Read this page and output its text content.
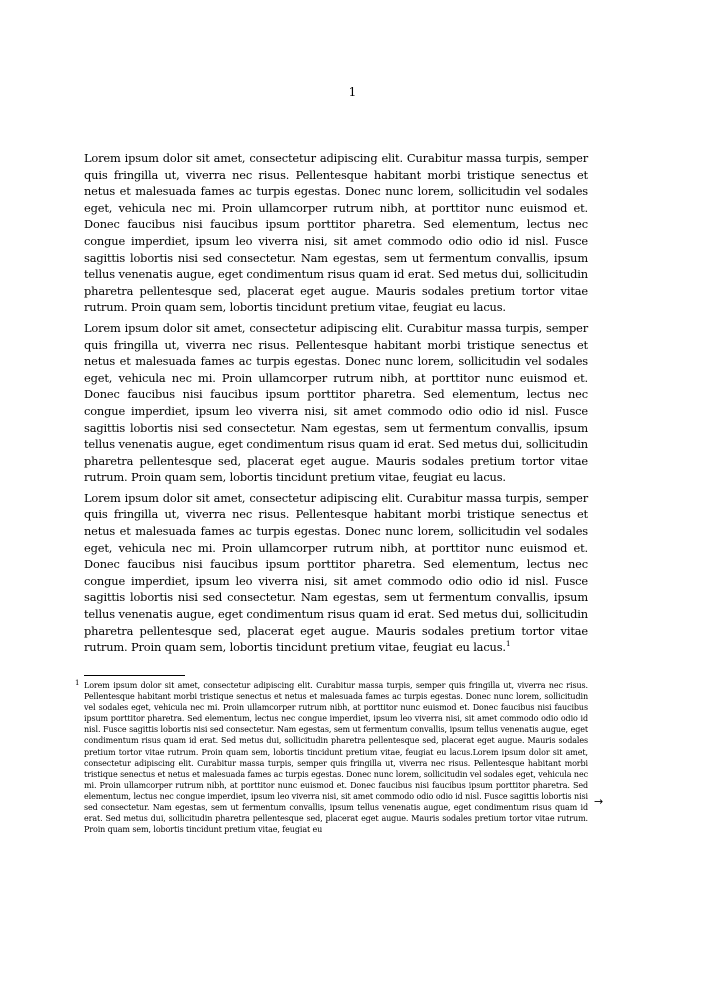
1

Lorem ipsum dolor sit amet, consectetur adipiscing elit. Curabitur massa turpis, semper quis fringilla ut, viverra nec risus. Pellentesque habitant morbi tristique senectus et netus et malesuada fames ac turpis egestas. Donec nunc lorem, sollicitudin vel sodales eget, vehicula nec mi. Proin ullamcorper rutrum nibh, at porttitor nunc euismod et. Donec faucibus nisi faucibus ipsum porttitor pharetra. Sed elementum, lectus nec congue imperdiet, ipsum leo viverra nisi, sit amet commodo odio odio id nisl. Fusce sagittis lobortis nisi sed consectetur. Nam egestas, sem ut fermentum convallis, ipsum tellus venenatis augue, eget condimentum risus quam id erat. Sed metus dui, sollicitudin pharetra pellentesque sed, placerat eget augue. Mauris sodales pretium tortor vitae rutrum. Proin quam sem, lobortis tincidunt pretium vitae, feugiat eu lacus.

Lorem ipsum dolor sit amet, consectetur adipiscing elit. Curabitur massa turpis, semper quis fringilla ut, viverra nec risus. Pellentesque habitant morbi tristique senectus et netus et malesuada fames ac turpis egestas. Donec nunc lorem, sollicitudin vel sodales eget, vehicula nec mi. Proin ullamcorper rutrum nibh, at porttitor nunc euismod et. Donec faucibus nisi faucibus ipsum porttitor pharetra. Sed elementum, lectus nec congue imperdiet, ipsum leo viverra nisi, sit amet commodo odio odio id nisl. Fusce sagittis lobortis nisi sed consectetur. Nam egestas, sem ut fermentum convallis, ipsum tellus venenatis augue, eget condimentum risus quam id erat. Sed metus dui, sollicitudin pharetra pellentesque sed, placerat eget augue. Mauris sodales pretium tortor vitae rutrum. Proin quam sem, lobortis tincidunt pretium vitae, feugiat eu lacus.

Lorem ipsum dolor sit amet, consectetur adipiscing elit. Curabitur massa turpis, semper quis fringilla ut, viverra nec risus. Pellentesque habitant morbi tristique senectus et netus et malesuada fames ac turpis egestas. Donec nunc lorem, sollicitudin vel sodales eget, vehicula nec mi. Proin ullamcorper rutrum nibh, at porttitor nunc euismod et. Donec faucibus nisi faucibus ipsum porttitor pharetra. Sed elementum, lectus nec congue imperdiet, ipsum leo viverra nisi, sit amet commodo odio odio id nisl. Fusce sagittis lobortis nisi sed consectetur. Nam egestas, sem ut fermentum convallis, ipsum tellus venenatis augue, eget condimentum risus quam id erat. Sed metus dui, sollicitudin pharetra pellentesque sed, placerat eget augue. Mauris sodales pretium tortor vitae rutrum. Proin quam sem, lobortis tincidunt pretium vitae, feugiat eu lacus.$^1$

1 Lorem ipsum dolor sit amet, consectetur adipiscing elit. Curabitur massa turpis, semper quis fringilla ut, viverra nec risus. Pellentesque habitant morbi tristique senectus et netus et malesuada fames ac turpis egestas. Donec nunc lorem, sollicitudin vel sodales eget, vehicula nec mi. Proin ullamcorper rutrum nibh, at porttitor nunc euismod et. Donec faucibus nisi faucibus ipsum porttitor pharetra. Sed elementum, lectus nec congue imperdiet, ipsum leo viverra nisi, sit amet commodo odio odio id nisl. Fusce sagittis lobortis nisi sed consectetur. Nam egestas, sem ut fermentum convallis, ipsum tellus venenatis augue, eget condimentum risus quam id erat. Sed metus dui, sollicitudin pharetra pellentesque sed, placerat eget augue. Mauris sodales pretium tortor vitae rutrum. Proin quam sem, lobortis tincidunt pretium vitae, feugiat eu lacus.Lorem ipsum dolor sit amet, consectetur adipiscing elit. Curabitur massa turpis, semper quis fringilla ut, viverra nec risus. Pellentesque habitant morbi tristique senectus et netus et malesuada fames ac turpis egestas. Donec nunc lorem, sollicitudin vel sodales eget, vehicula nec mi. Proin ullamcorper rutrum nibh, at porttitor nunc euismod et. Donec faucibus nisi faucibus ipsum porttitor pharetra. Sed elementum, lectus nec congue imperdiet, ipsum leo viverra nisi, sit amet commodo odio odio id nisl. Fusce sagittis lobortis nisi sed consectetur. Nam egestas, sem ut fermentum convallis, ipsum tellus venenatis augue, eget condimentum risus quam id erat. Sed metus dui, sollicitudin pharetra pellentesque sed, placerat eget augue. Mauris sodales pretium tortor vitae rutrum. Proin quam sem, lobortis tincidunt pretium vitae, feugiat eu
→
